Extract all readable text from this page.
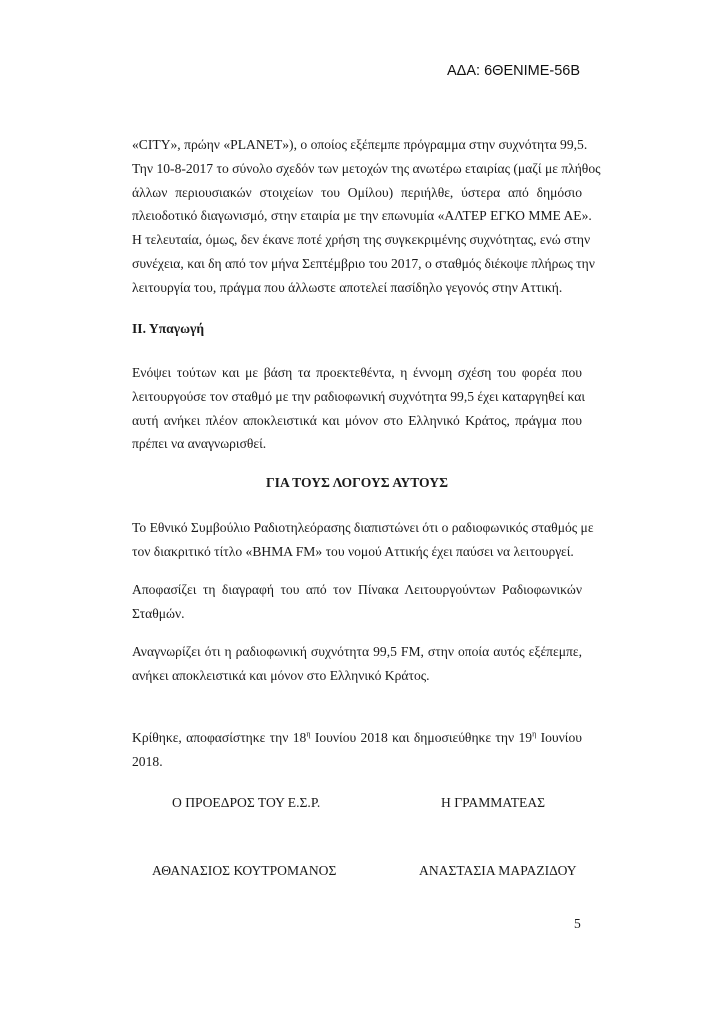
ΑΔΑ: 6ΘΕΝΙΜΕ-56Β
«CITY», πρώην «PLANET»), ο οποίος εξέπεμπε πρόγραμμα στην συχνότητα 99,5.
Την 10-8-2017 το σύνολο σχεδόν των μετοχών της ανωτέρω εταιρίας (μαζί με πλήθος
άλλων περιουσιακών στοιχείων του Ομίλου) περιήλθε, ύστερα από δημόσιο
πλειοδοτικό διαγωνισμό, στην εταιρία με την επωνυμία «ΑΛΤΕΡ ΕΓΚΟ ΜΜΕ ΑΕ».
Η τελευταία, όμως, δεν έκανε ποτέ χρήση της συγκεκριμένης συχνότητας, ενώ στην
συνέχεια, και δη από τον μήνα Σεπτέμβριο του 2017, ο σταθμός διέκοψε πλήρως την
λειτουργία του, πράγμα που άλλωστε αποτελεί πασίδηλο γεγονός στην Αττική.
ΙΙ. Υπαγωγή
Ενόψει τούτων και με βάση τα προεκτεθέντα, η έννομη σχέση του φορέα που
λειτουργούσε τον σταθμό με την ραδιοφωνική συχνότητα 99,5 έχει καταργηθεί και
αυτή ανήκει πλέον αποκλειστικά και μόνον στο Ελληνικό Κράτος, πράγμα που
πρέπει να αναγνωρισθεί.
ΓΙΑ ΤΟΥΣ ΛΟΓΟΥΣ ΑΥΤΟΥΣ
Το Εθνικό Συμβούλιο Ραδιοτηλεόρασης διαπιστώνει ότι ο ραδιοφωνικός σταθμός με
τον διακριτικό τίτλο «ΒΗΜΑ FM» του νομού Αττικής έχει παύσει να λειτουργεί.
Αποφασίζει τη διαγραφή του από τον Πίνακα Λειτουργούντων Ραδιοφωνικών
Σταθμών.
Αναγνωρίζει ότι η ραδιοφωνική συχνότητα 99,5 FM, στην οποία αυτός εξέπεμπε,
ανήκει αποκλειστικά και μόνον στο Ελληνικό Κράτος.
Κρίθηκε, αποφασίστηκε την $18^\eta$ Ιουνίου 2018 και δημοσιεύθηκε την $19^\eta$ Ιουνίου
2018.
Ο ΠΡΟΕΔΡΟΣ ΤΟΥ Ε.Σ.Ρ.	Η ΓΡΑΜΜΑΤΕΑΣ
ΑΘΑΝΑΣΙΟΣ ΚΟΥΤΡΟΜΑΝΟΣ	ΑΝΑΣΤΑΣΙΑ ΜΑΡΑΖΙΔΟΥ
5
